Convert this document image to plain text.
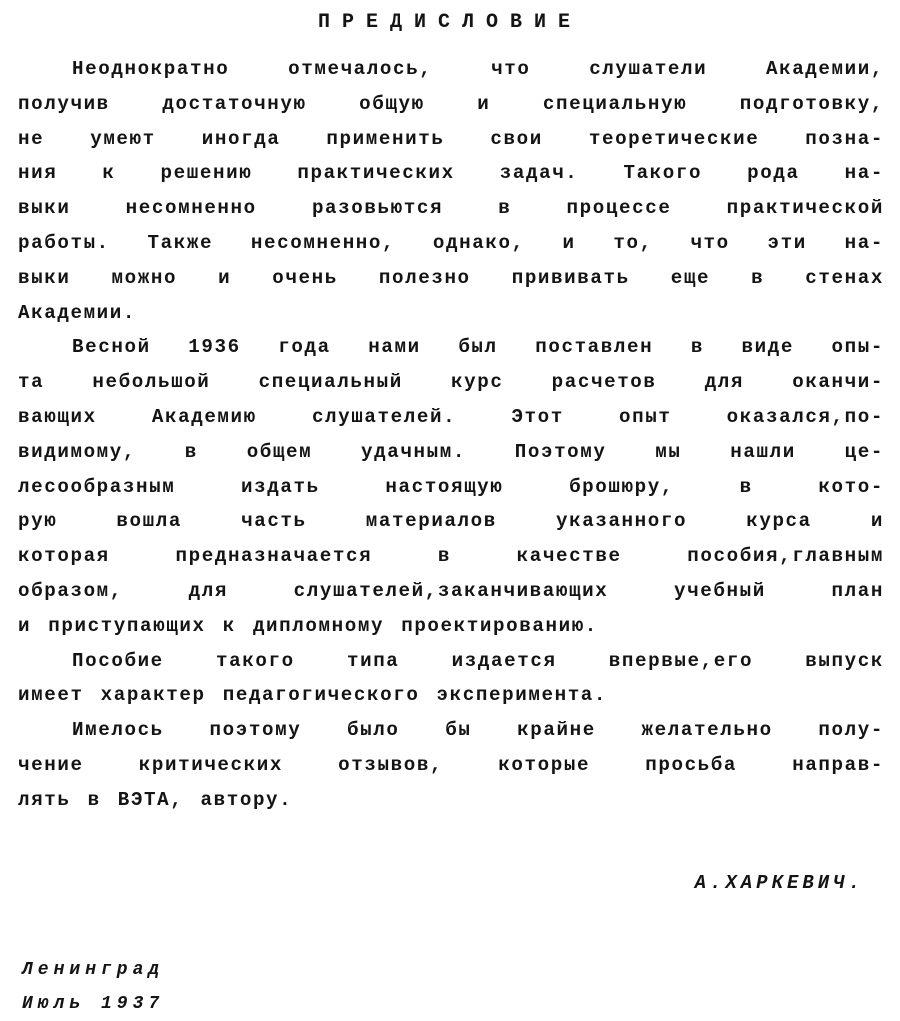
ПРЕДИСЛОВИЕ
Неоднократно отмечалось, что слушатели Академии,
получив достаточную общую и специальную подготовку,
не умеют иногда применить свои теоретические позна-
ния к решению практических задач. Такого рода на-
выки несомненно разовьются в процессе практической
работы. Также несомненно, однако, и то, что эти на-
выки можно и очень полезно прививать еще в стенах
Академии.
Весной 1936 года нами был поставлен в виде опы-
та небольшой специальный курс расчетов для оканчи-
вающих Академию слушателей. Этот опыт оказался,по-
видимому, в общем удачным. Поэтому мы нашли це-
лесообразным издать настоящую брошюру, в кото-
рую вошла часть материалов указанного курса и
которая предназначается в качестве пособия,главным
образом, для слушателей,заканчивающих учебный план
и приступающих к дипломному проектированию.
Пособие такого типа издается впервые,его выпуск
имеет характер педагогического эксперимента.
Имелось поэтому было бы крайне желательно полу-
чение критических отзывов, которые просьба направ-
лять в ВЭТА, автору.
А.ХАРКЕВИЧ.
Ленинград
Июль 1937
